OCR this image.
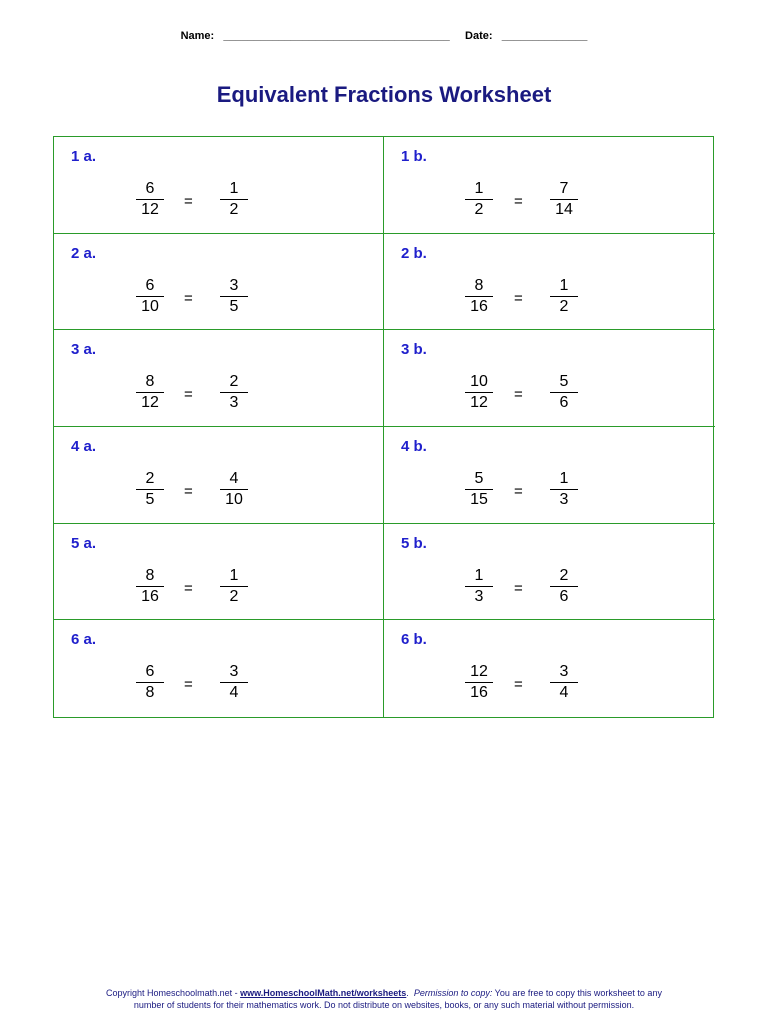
Name: _____________________________________ Date: ______________
Equivalent Fractions Worksheet
1 a.
6
12	=
1
2
1 b.
1
2	=
7
14
2 a.
6
10	=
3
5
2 b.
8
16	=
1
2
3 a.
8
12	=
2
3
3 b.
10
12	=
5
6
4 a.
2
5	=
4
10
4 b.
5
15	=
1
3
5 a.
8
16	=
1
2
5 b.
1
3	=
2
6
6 a.
6
8	=
3
4
6 b.
12
16	=
3
4
Copyright Homeschoolmath.net - www.HomeschoolMath.net/worksheets.  Permission to copy: You are free to copy this worksheet to any
number of students for their mathematics work. Do not distribute on websites, books, or any such material without permission.
